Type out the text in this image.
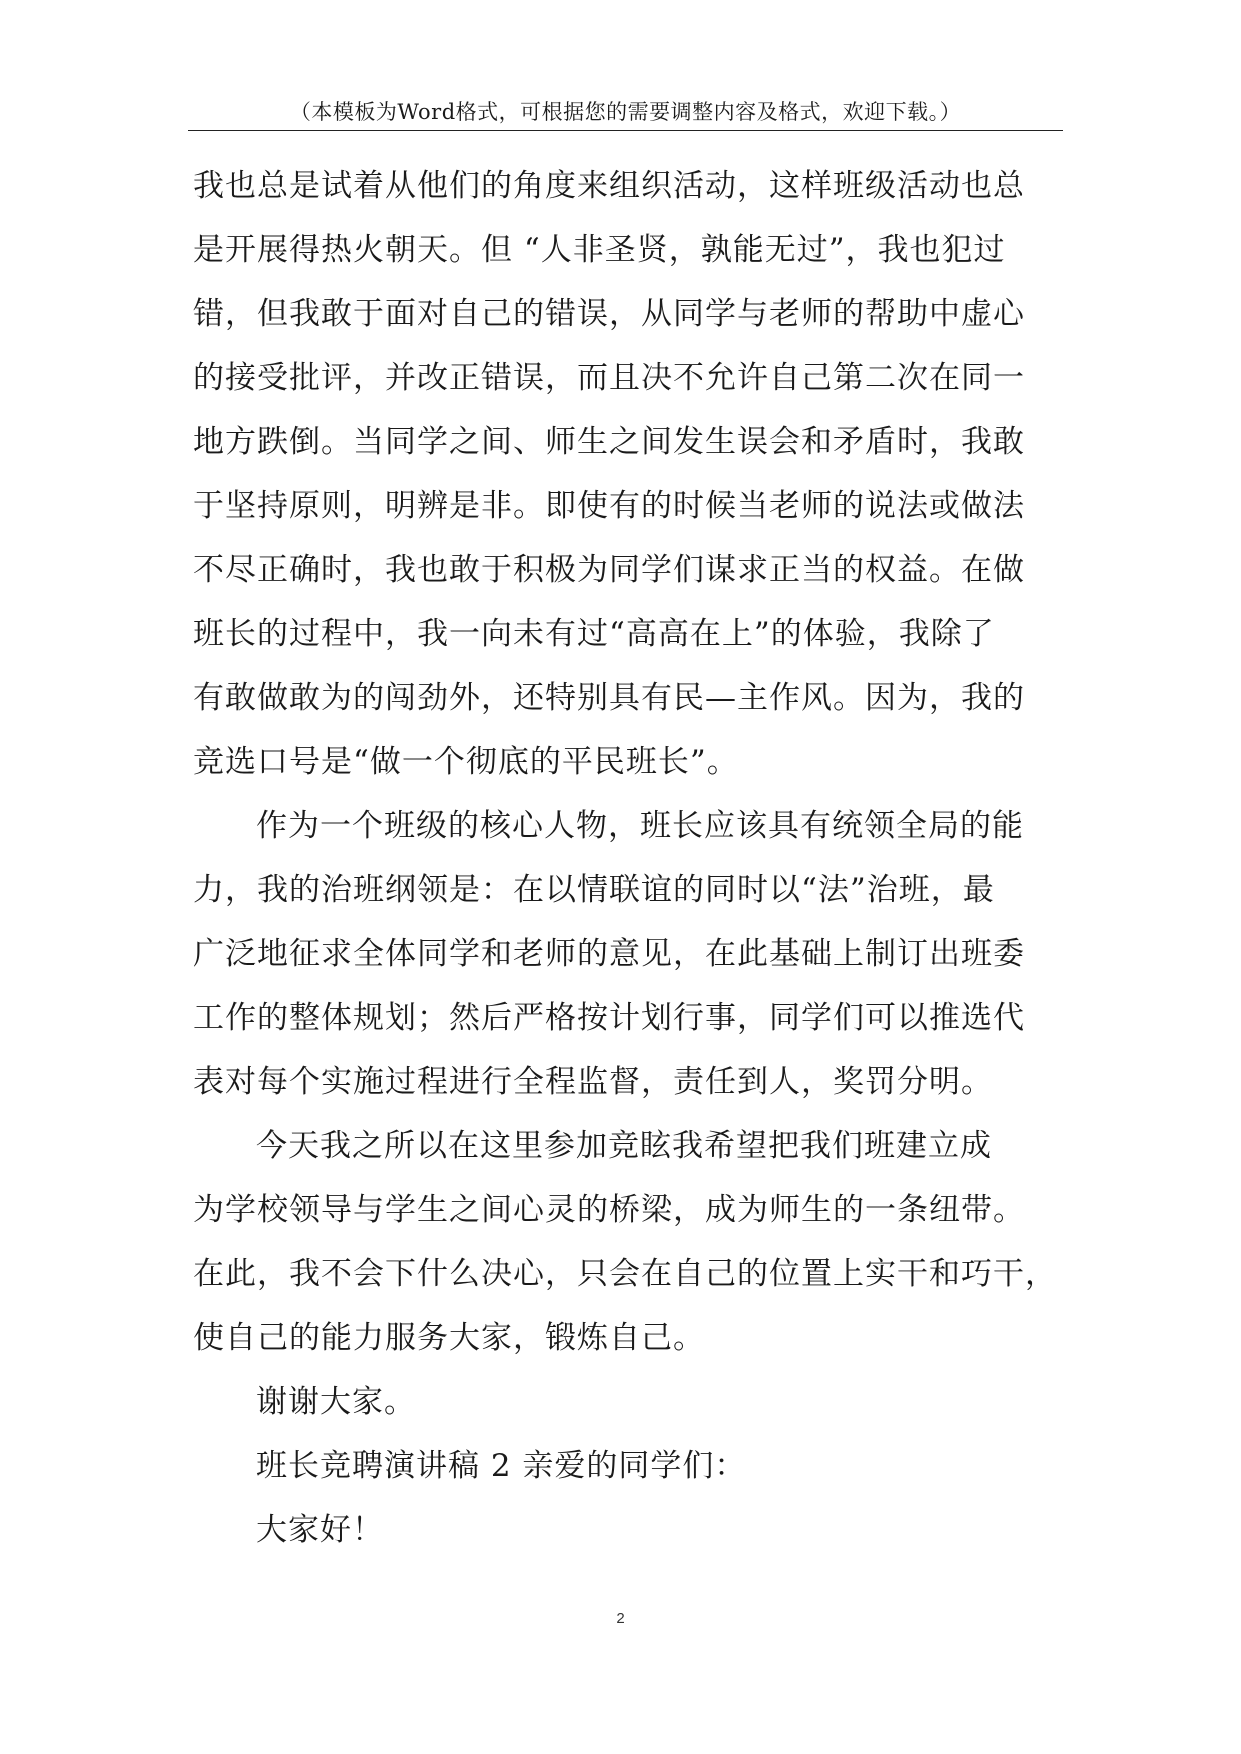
（本模板为Word格式，可根据您的需要调整内容及格式，欢迎下载。）
我也总是试着从他们的角度来组织活动，这样班级活动也总
是开展得热火朝天。但 “人非圣贤，孰能无过”，我也犯过
错，但我敢于面对自己的错误，从同学与老师的帮助中虚心
的接受批评，并改正错误，而且决不允许自己第二次在同一
地方跌倒。当同学之间、师生之间发生误会和矛盾时，我敢
于坚持原则，明辨是非。即使有的时候当老师的说法或做法
不尽正确时，我也敢于积极为同学们谋求正当的权益。在做
班长的过程中，我一向未有过“高高在上”的体验，我除了
有敢做敢为的闯劲外，还特别具有民—主作风。因为，我的
竞选口号是“做一个彻底的平民班长”。
作为一个班级的核心人物，班长应该具有统领全局的能
力，我的治班纲领是：在以情联谊的同时以“法”治班，最
广泛地征求全体同学和老师的意见，在此基础上制订出班委
工作的整体规划；然后严格按计划行事，同学们可以推选代
表对每个实施过程进行全程监督，责任到人，奖罚分明。
今天我之所以在这里参加竞眩我希望把我们班建立成
为学校领导与学生之间心灵的桥梁，成为师生的一条纽带。
在此，我不会下什么决心，只会在自己的位置上实干和巧干，
使自己的能力服务大家，锻炼自己。
谢谢大家。
班长竞聘演讲稿 2 亲爱的同学们：
大家好！
2
